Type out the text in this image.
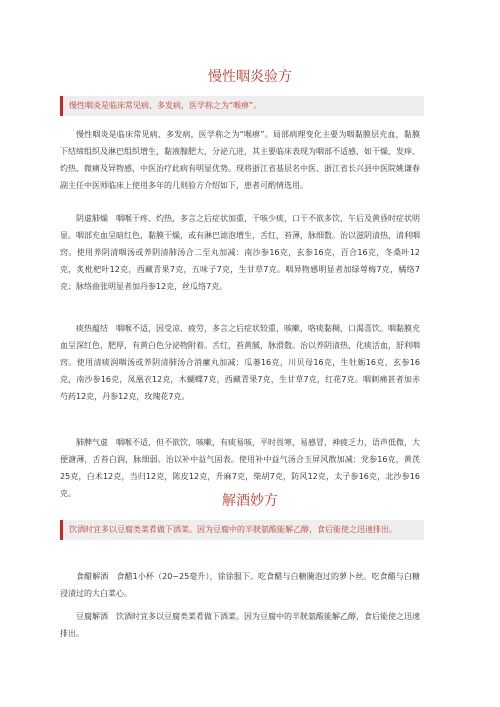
慢性咽炎验方
慢性咽炎是临床常见病、多发病，医学称之为“喉痹”。

慢性咽炎是临床常见病、多发病，医学称之为“喉痹”。局部病理变化主要为咽黏膜层充血，黏膜下结缔组织及淋巴组织增生，黏液腺肥大，分泌亢进，其主要临床表现为咽部不适感，如干燥、发痒、灼热、微痛及异物感，中医治疗此病有明显优势。现将浙江省基层名中医、浙江省长兴县中医院姚谦春副主任中医师临床上使用多年的几则验方介绍如下，患者可酌情选用。

阴虚肺燥　咽喉干疼、灼热，多言之后症状加重，干咳少痰，口干不欲多饮，午后及黄昏时症状明显。咽部充血呈暗红色，黏膜干燥，或有淋巴滤泡增生，舌红，苔薄，脉细数。治以滋阴清热，清利咽窍。使用养阴清咽汤或养阴清肺汤合二至丸加减：南沙参16克，玄参16克，百合16克，冬桑叶12克，炙枇杷叶12克，西藏青果7克，五味子7克，生甘草7克。咽异物感明显者加绿萼梅7克，橘络7克；脉络曲张明显者加丹参12克，丝瓜络7克。

痰热蕴结　咽喉不适，因受凉、疲劳，多言之后症状较重，咳嗽，咯痰黏稠，口渴喜饮。咽黏膜充血呈深红色，肥厚，有黄白色分泌物附着。舌红，苔黄腻，脉滑数。治以养阴清热，化痰活血，舒利咽窍。使用清痰润咽汤或养阴清肺汤合消瘰丸加减：瓜蒌16克，川贝母16克，生牡蛎16克，玄参16克，南沙参16克，凤凰衣12克，木蝴蝶7克，西藏青果7克，生甘草7克，红花7克。咽刺痛甚者加赤芍药12克，丹参12克，玫瑰花7克。

肺脾气虚　咽喉不适，但不欲饮，咳嗽，有痰易咳，平时畏寒，易感冒，神疲乏力，语声低微，大便溏薄，舌苔白润，脉细弱。治以补中益气固表。使用补中益气汤合玉屏风散加减：党参16克，黄芪25克，白术12克，当归12克，陈皮12克，升麻7克，柴胡7克，防风12克，太子参16克，北沙参16克。	解酒妙方
饮酒时宜多以豆腐类菜肴做下酒菜。因为豆腐中的半胱氨酸能解乙醇，食后能使之迅速排出。

食醋解酒　食醋1小杯（20~25毫升），徐徐服下。吃食醋与白糖腌泡过的萝卜丝。吃食醋与白糖浸渍过的大白菜心。

豆腐解酒　饮酒时宜多以豆腐类菜肴做下酒菜。因为豆腐中的半胱氨酸能解乙醇，食后能使之迅速排出。
